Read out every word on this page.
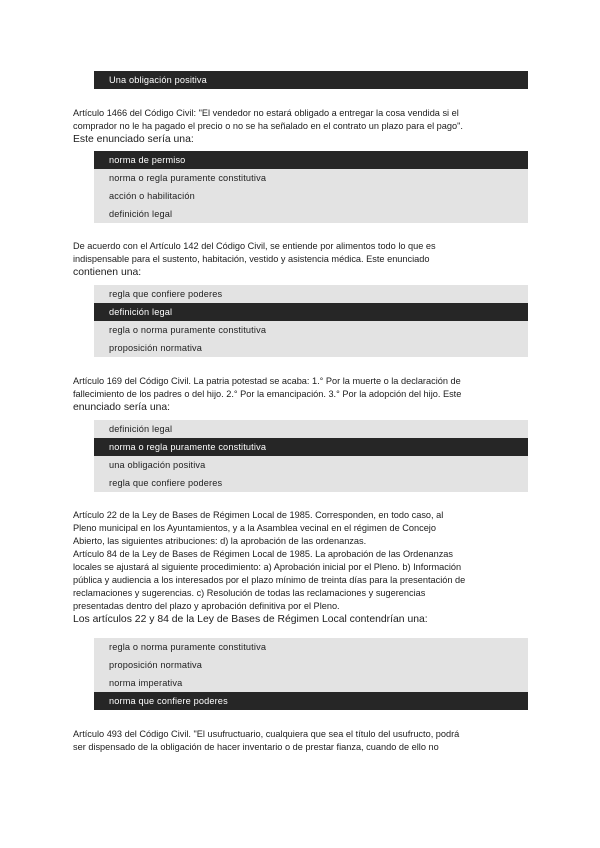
Una obligación positiva

Artículo 1466 del Código Civil: "El vendedor no estará obligado a entregar la cosa vendida si el

comprador no le ha pagado el precio o no se ha señalado en el contrato un plazo para el pago".

Este enunciado sería una:

norma de permiso
norma o regla puramente constitutiva
acción o habilitación
definición legal

De acuerdo con el Artículo 142 del Código Civil, se entiende por alimentos todo lo que es

indispensable para el sustento, habitación, vestido y asistencia médica. Este enunciado

contienen una:

regla que confiere poderes
definición legal
regla o norma puramente constitutiva
proposición normativa

Artículo 169 del Código Civil. La patria potestad se acaba: 1.° Por la muerte o la declaración de

fallecimiento de los padres o del hijo. 2.° Por la emancipación. 3.° Por la adopción del hijo. Este

enunciado sería una:

definición legal
norma o regla puramente constitutiva
una obligación positiva
regla que confiere poderes

Artículo 22 de la Ley de Bases de Régimen Local de 1985. Corresponden, en todo caso, al

Pleno municipal en los Ayuntamientos, y a la Asamblea vecinal en el régimen de Concejo

Abierto, las siguientes atribuciones: d) la aprobación de las ordenanzas.

Artículo 84 de la Ley de Bases de Régimen Local de 1985. La aprobación de las Ordenanzas

locales se ajustará al siguiente procedimiento: a) Aprobación inicial por el Pleno. b) Información

pública y audiencia a los interesados por el plazo mínimo de treinta días para la presentación de

reclamaciones y sugerencias. c) Resolución de todas las reclamaciones y sugerencias

presentadas dentro del plazo y aprobación definitiva por el Pleno.

Los artículos 22 y 84 de la Ley de Bases de Régimen Local contendrían una:

regla o norma puramente constitutiva
proposición normativa
norma imperativa
norma que confiere poderes

Artículo 493 del Código Civil. "El usufructuario, cualquiera que sea el título del usufructo, podrá

ser dispensado de la obligación de hacer inventario o de prestar fianza, cuando de ello no
